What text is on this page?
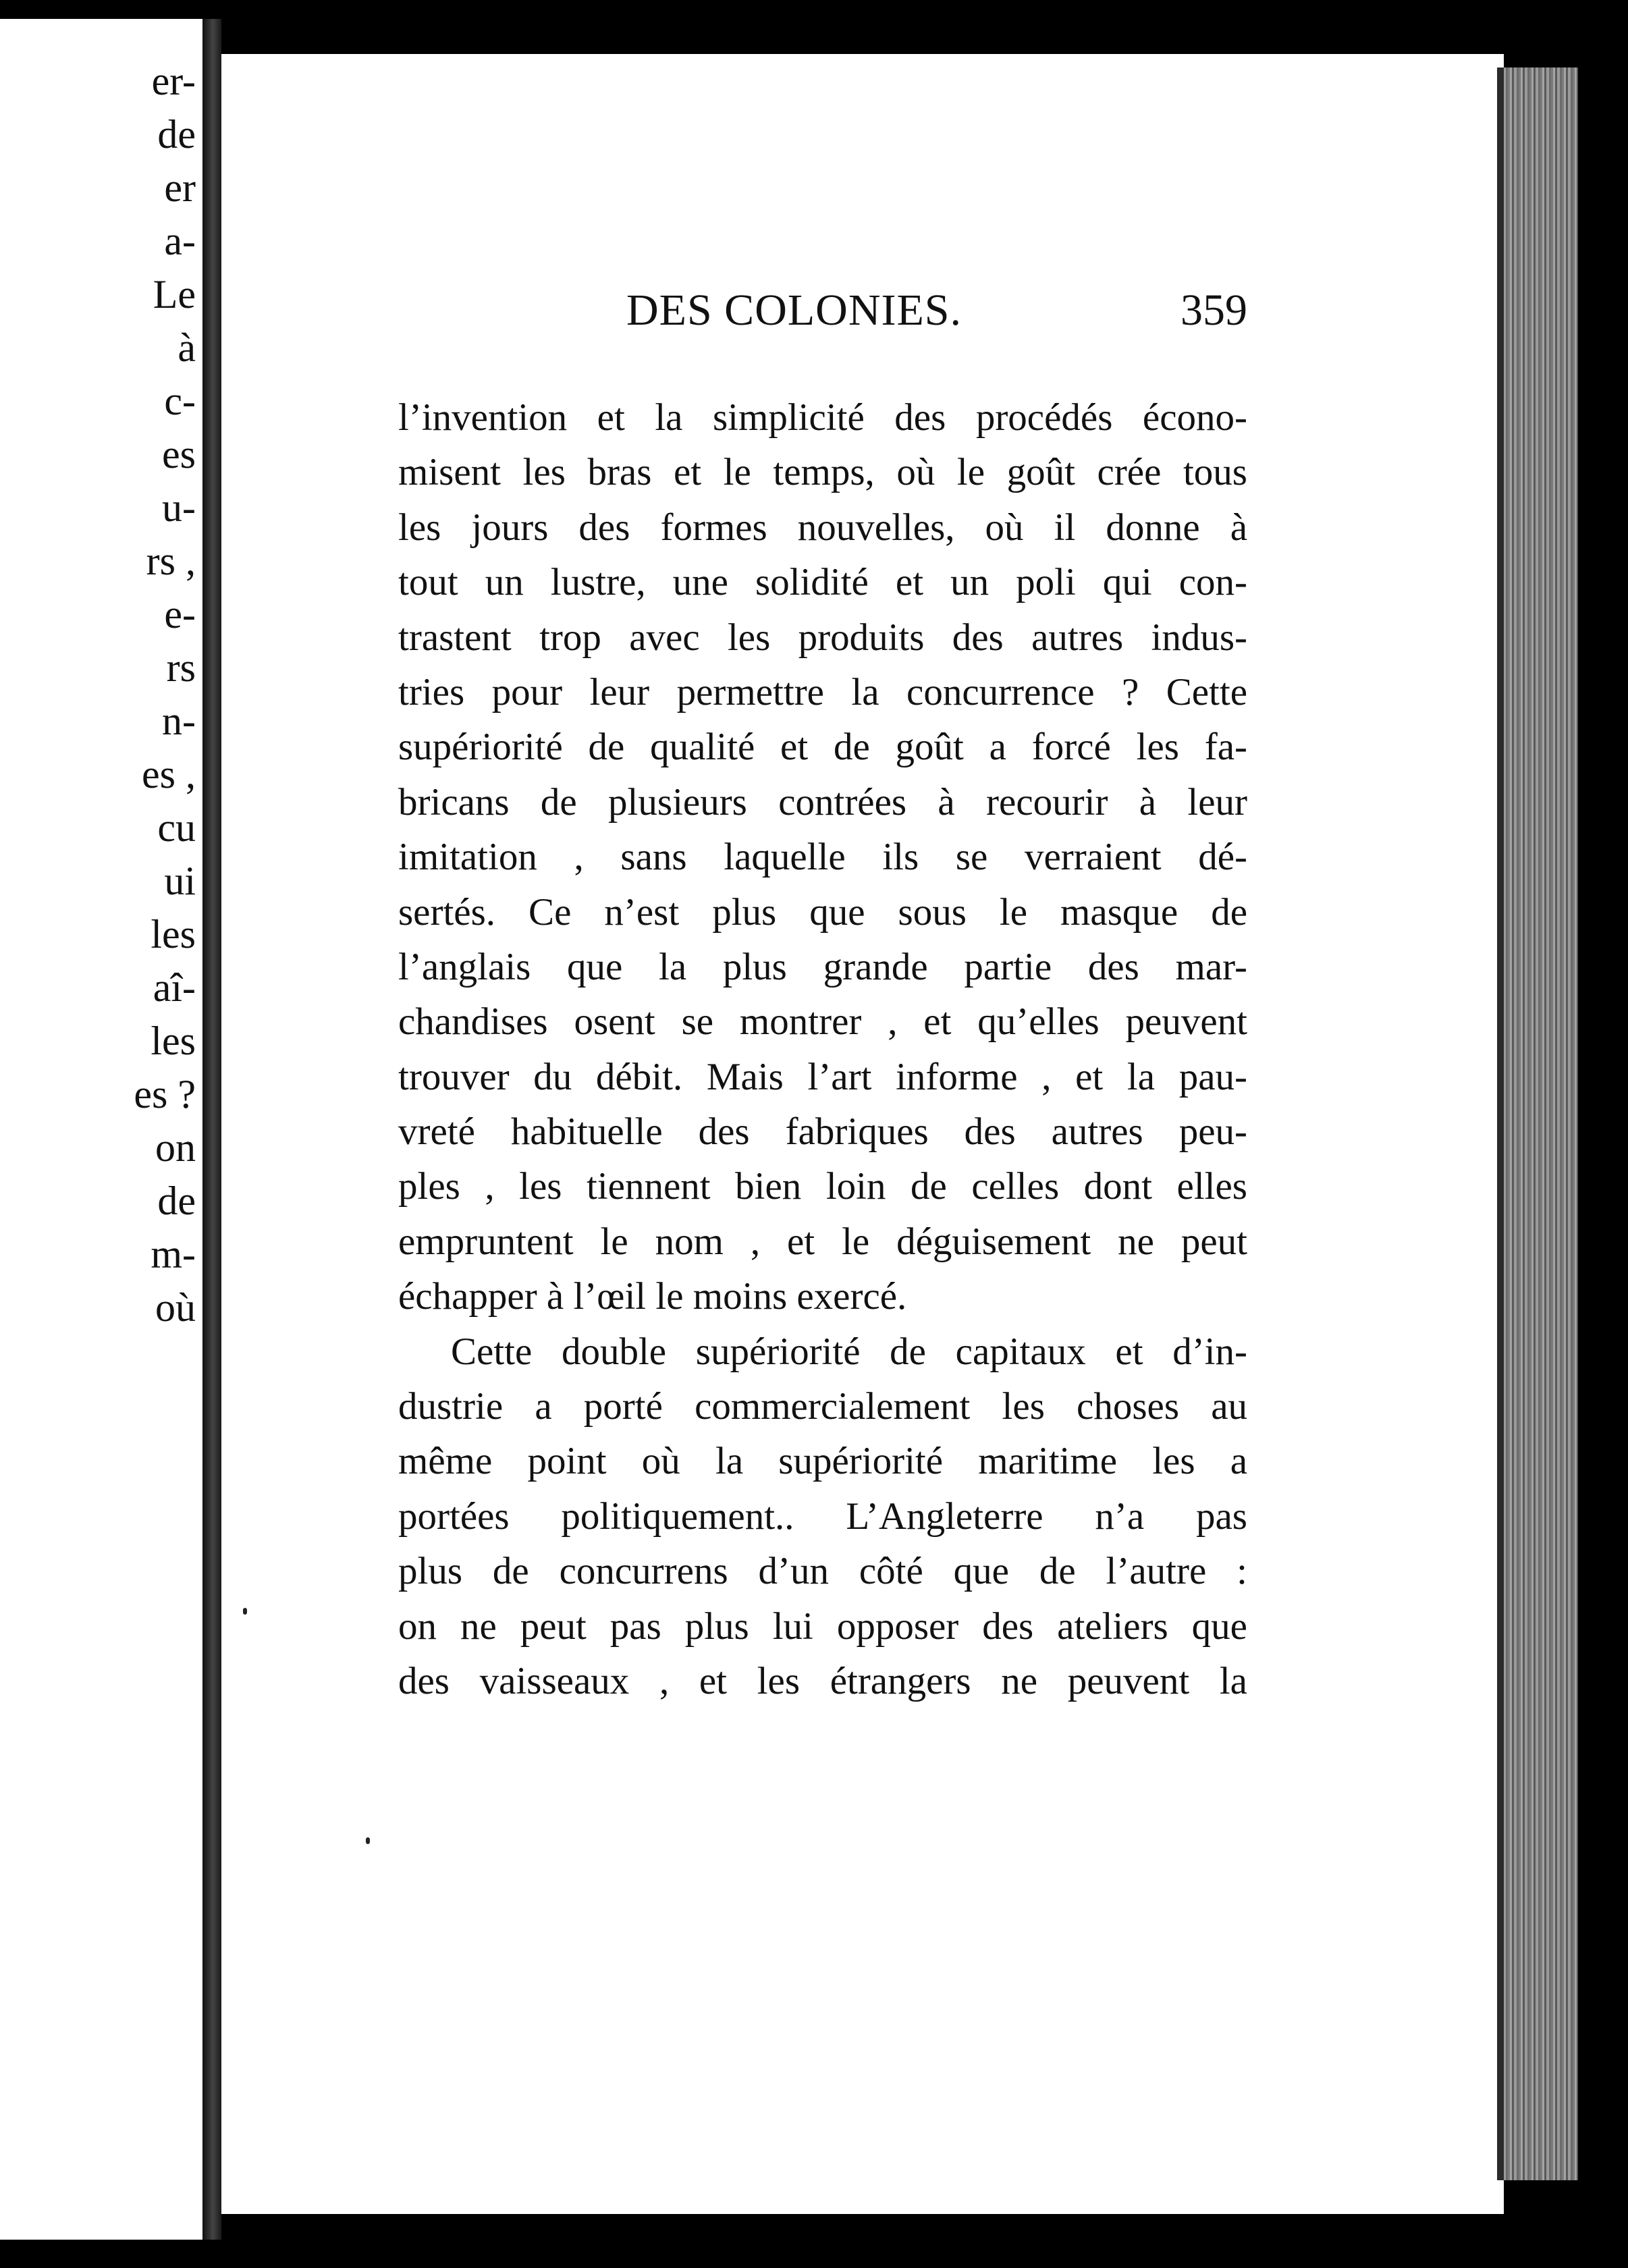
er-
de
er
a-
Le
à
c-
es
u-
rs ,
e-
rs
n-
es ,
cu
ui
les
aî-
les
es ?
on
de
m-
où
DES COLONIES.	359
l’invention et la simplicité des procédés écono-
misent les bras et le temps, où le goût crée tous
les jours des formes nouvelles, où il donne à
tout un lustre, une solidité et un poli qui con-
trastent trop avec les produits des autres indus-
tries pour leur permettre la concurrence ? Cette
supériorité de qualité et de goût a forcé les fa-
bricans de plusieurs contrées à recourir à leur
imitation , sans laquelle ils se verraient dé-
sertés. Ce n’est plus que sous le masque de
l’anglais que la plus grande partie des mar-
chandises osent se montrer , et qu’elles peuvent
trouver du débit. Mais l’art informe , et la pau-
vreté habituelle des fabriques des autres peu-
ples , les tiennent bien loin de celles dont elles
empruntent le nom , et le déguisement ne peut
échapper à l’œil le moins exercé.
Cette double supériorité de capitaux et d’in-
dustrie a porté commercialement les choses au
même point où la supériorité maritime les a
portées politiquement.. L’Angleterre n’a pas
plus de concurrens d’un côté que de l’autre :
on ne peut pas plus lui opposer des ateliers que
des vaisseaux , et les étrangers ne peuvent la
